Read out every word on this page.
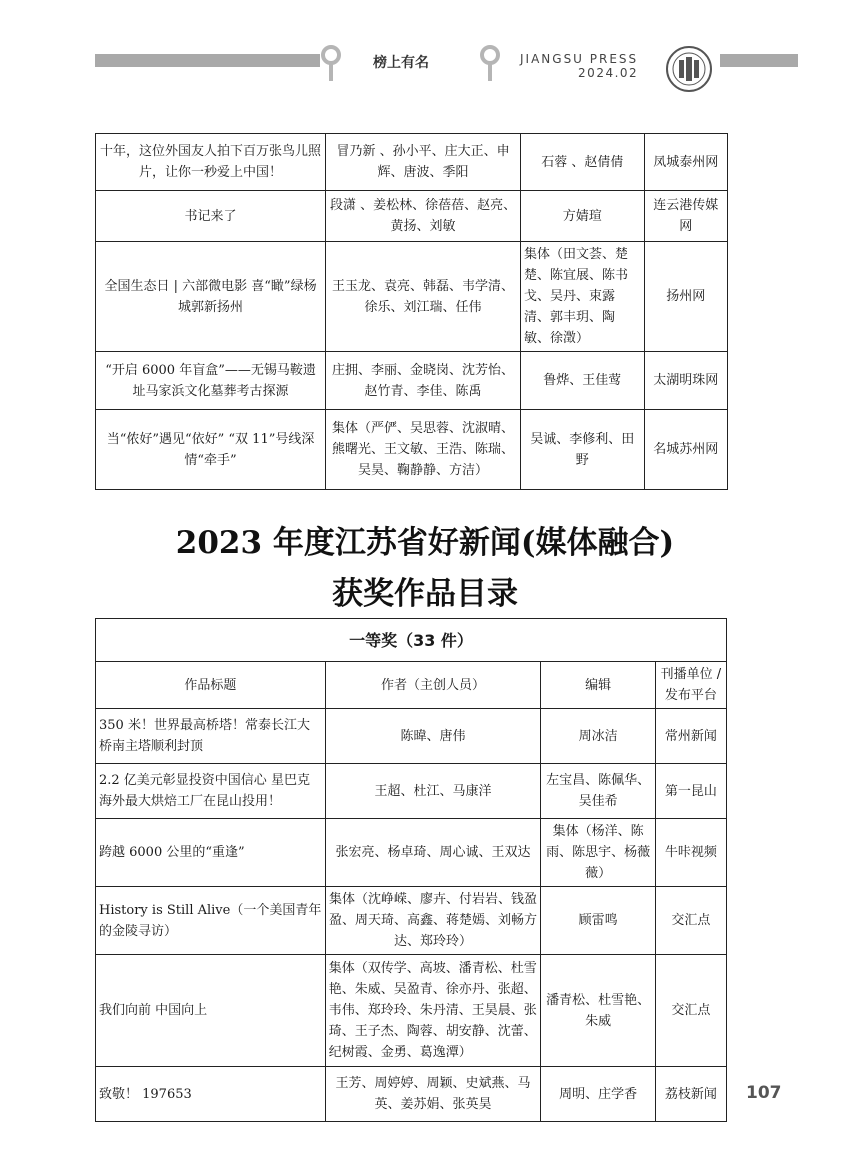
榜上有名	JIANGSU PRESS
2024.02
十年，这位外国友人拍下百万张鸟儿照片，让你一秒爱上中国！	冒乃新 、孙小平、庄大正、申辉、唐波、季阳	石蓉 、赵倩倩	凤城泰州网
书记来了	段潇 、姜松林、徐蓓蓓、赵亮、黄扬、刘敏	方婧瑄	连云港传媒网
全国生态日 | 六部微电影 喜“瞰”绿杨城郭新扬州	王玉龙、袁亮、韩磊、韦学清、徐乐、刘江瑞、任伟	集体（田文荟、楚楚、陈宜展、陈书戈、吴丹、束露清、郭丰玥、陶敏、徐澂）	扬州网
“开启 6000 年盲盒”——无锡马鞍遗址马家浜文化墓葬考古探源	庄拥、李丽、金晓岗、沈芳怡、赵竹青、李佳、陈禹	鲁烨、王佳莺	太湖明珠网
当“侬好”遇见“依好” “双 11”号线深情“牵手”	集体（严俨、吴思蓉、沈淑晴、熊曙光、王文敏、王浩、陈瑞、吴昊、鞠静静、方洁）	吴诚、李修利、田野	名城苏州网
2023 年度江苏省好新闻(媒体融合)
获奖作品目录
一等奖（33 件）			
作品标题	作者（主创人员）	编辑	刊播单位 / 发布平台
350 米！世界最高桥塔！常泰长江大桥南主塔顺利封顶	陈暐、唐伟	周冰洁	常州新闻
2.2 亿美元彰显投资中国信心 星巴克海外最大烘焙工厂在昆山投用！	王超、杜江、马康洋	左宝昌、陈佩华、吴佳希	第一昆山
跨越 6000 公里的“重逢”	张宏亮、杨卓琦、周心诚、王双达	集体（杨洋、陈雨、陈思宇、杨薇薇）	牛咔视频
History is Still Alive（一个美国青年的金陵寻访）	集体（沈峥嵘、廖卉、付岩岩、钱盈盈、周天琦、高鑫、蒋楚嫣、刘畅方达、郑玲玲）	顾雷鸣	交汇点
我们向前 中国向上	集体（双传学、高坡、潘青松、杜雪艳、朱威、吴盈青、徐亦丹、张超、韦伟、郑玲玲、朱丹清、王昊晨、张琦、王子杰、陶蓉、胡安静、沈蕾、纪树霞、金勇、葛逸潭）	潘青松、杜雪艳、朱威	交汇点
致敬！ 197653	王芳、周婷婷、周颖、史斌燕、马英、姜苏娟、张英昊	周明、庄学香	荔枝新闻 107
